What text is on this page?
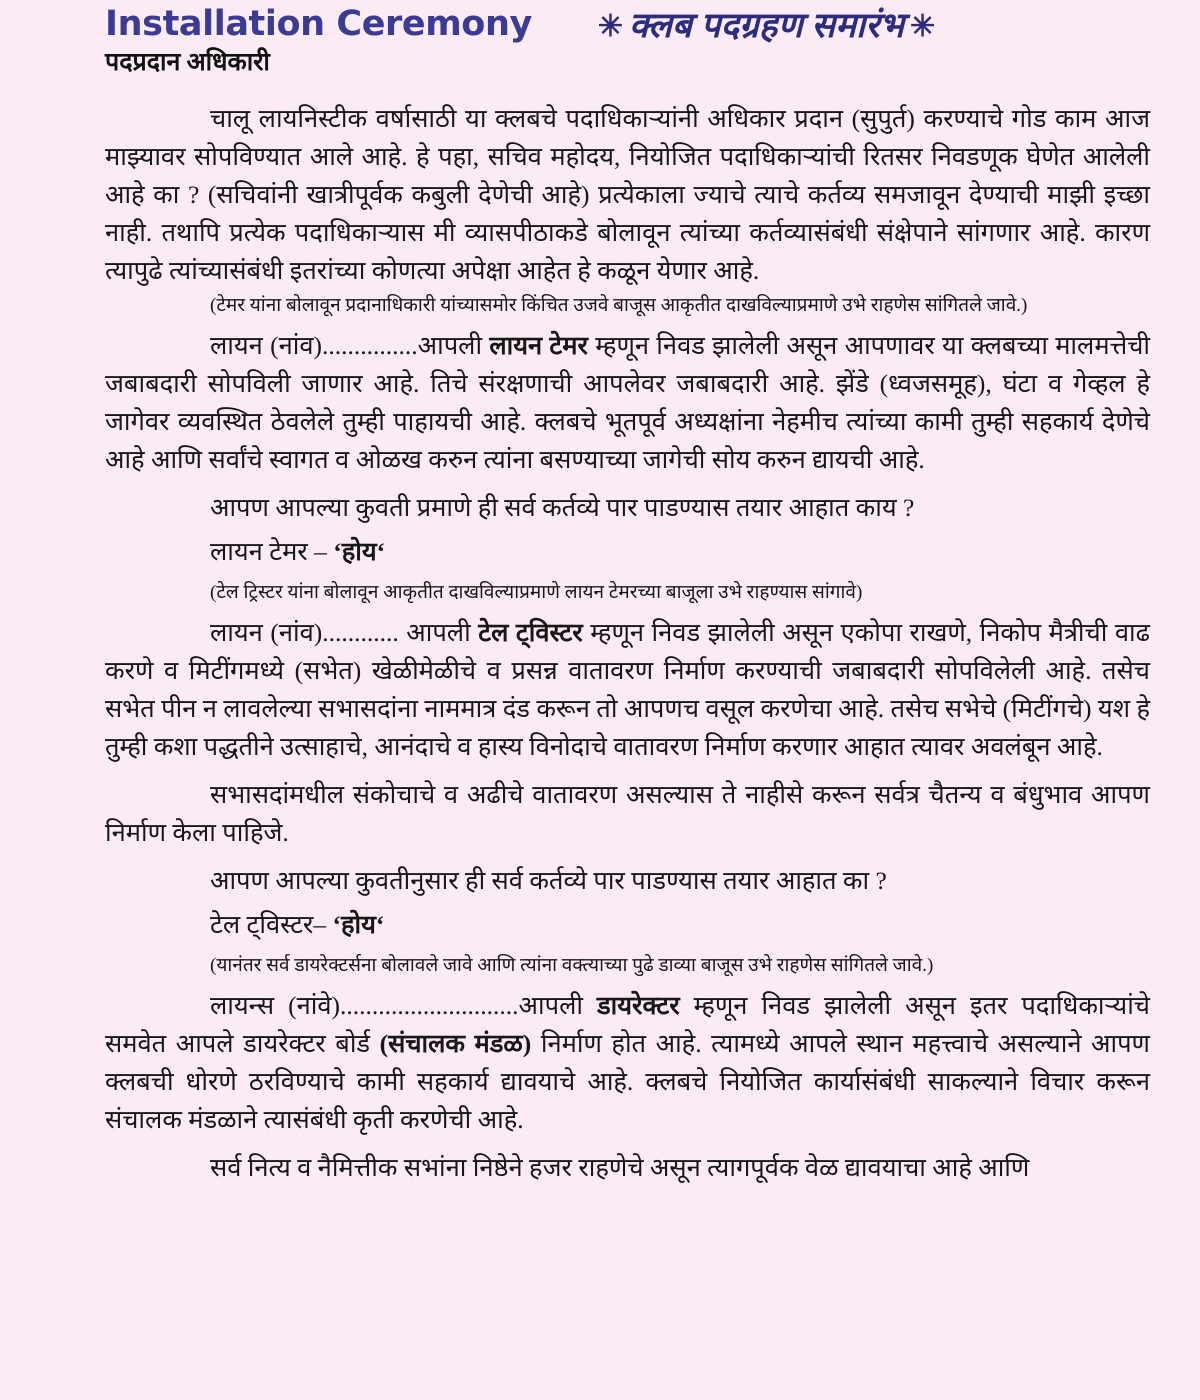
Installation Ceremony ✳ क्लब पदग्रहण समारंभ ✳
पदप्रदान अधिकारी

चालू लायनिस्टीक वर्षासाठी या क्लबचे पदाधिकाऱ्यांनी अधिकार प्रदान (सुपुर्त) करण्याचे गोड काम आज माझ्यावर सोपविण्यात आले आहे. हे पहा, सचिव महोदय, नियोजित पदाधिकाऱ्यांची रितसर निवडणूक घेणेत आलेली आहे का ? (सचिवांनी खात्रीपूर्वक कबुली देणेची आहे) प्रत्येकाला ज्याचे त्याचे कर्तव्य समजावून देण्याची माझी इच्छा नाही. तथापि प्रत्येक पदाधिकाऱ्यास मी व्यासपीठाकडे बोलावून त्यांच्या कर्तव्यासंबंधी संक्षेपाने सांगणार आहे. कारण त्यापुढे त्यांच्यासंबंधी इतरांच्या कोणत्या अपेक्षा आहेत हे कळून येणार आहे.

(टेमर यांना बोलावून प्रदानाधिकारी यांच्यासमोर किंचित उजवे बाजूस आकृतीत दाखविल्याप्रमाणे उभे राहणेस सांगितले जावे.)

लायन (नांव)...............आपली लायन टेमर म्हणून निवड झालेली असून आपणावर या क्लबच्या मालमत्तेची जबाबदारी सोपविली जाणार आहे. तिचे संरक्षणाची आपलेवर जबाबदारी आहे. झेंडे (ध्वजसमूह), घंटा व गेव्हल हे जागेवर व्यवस्थित ठेवलेले तुम्ही पाहायची आहे. क्लबचे भूतपूर्व अध्यक्षांना नेहमीच त्यांच्या कामी तुम्ही सहकार्य देणेचे आहे आणि सर्वांचे स्वागत व ओळख करुन त्यांना बसण्याच्या जागेची सोय करुन द्यायची आहे.

आपण आपल्या कुवती प्रमाणे ही सर्व कर्तव्ये पार पाडण्यास तयार आहात काय ?

लायन टेमर – ‘होय‘

(टेल ट्रिस्टर यांना बोलावून आकृतीत दाखविल्याप्रमाणे लायन टेमरच्या बाजूला उभे राहण्यास सांगावे)

लायन (नांव)............ आपली टेल ट्विस्टर म्हणून निवड झालेली असून एकोपा राखणे, निकोप मैत्रीची वाढ करणे व मिटींगमध्ये (सभेत) खेळीमेळीचे व प्रसन्न वातावरण निर्माण करण्याची जबाबदारी सोपविलेली आहे. तसेच सभेत पीन न लावलेल्या सभासदांना नाममात्र दंड करून तो आपणच वसूल करणेचा आहे. तसेच सभेचे (मिटींगचे) यश हे तुम्ही कशा पद्धतीने उत्साहाचे, आनंदाचे व हास्य विनोदाचे वातावरण निर्माण करणार आहात त्यावर अवलंबून आहे.

सभासदांमधील संकोचाचे व अढीचे वातावरण असल्यास ते नाहीसे करून सर्वत्र चैतन्य व बंधुभाव आपण निर्माण केला पाहिजे.

आपण आपल्या कुवतीनुसार ही सर्व कर्तव्ये पार पाडण्यास तयार आहात का ?

टेल ट्विस्टर– ‘होय‘

(यानंतर सर्व डायरेक्टर्सना बोलावले जावे आणि त्यांना वक्त्याच्या पुढे डाव्या बाजूस उभे राहणेस सांगितले जावे.)

लायन्स (नांवे)............................आपली डायरेक्टर म्हणून निवड झालेली असून इतर पदाधिकाऱ्यांचे समवेत आपले डायरेक्टर बोर्ड (संचालक मंडळ) निर्माण होत आहे. त्यामध्ये आपले स्थान महत्त्वाचे असल्याने आपण क्लबची धोरणे ठरविण्याचे कामी सहकार्य द्यावयाचे आहे. क्लबचे नियोजित कार्यासंबंधी साकल्याने विचार करून संचालक मंडळाने त्यासंबंधी कृती करणेची आहे.

सर्व नित्य व नैमित्तीक सभांना निष्ठेने हजर राहणेचे असून त्यागपूर्वक वेळ द्यावयाचा आहे आणि
